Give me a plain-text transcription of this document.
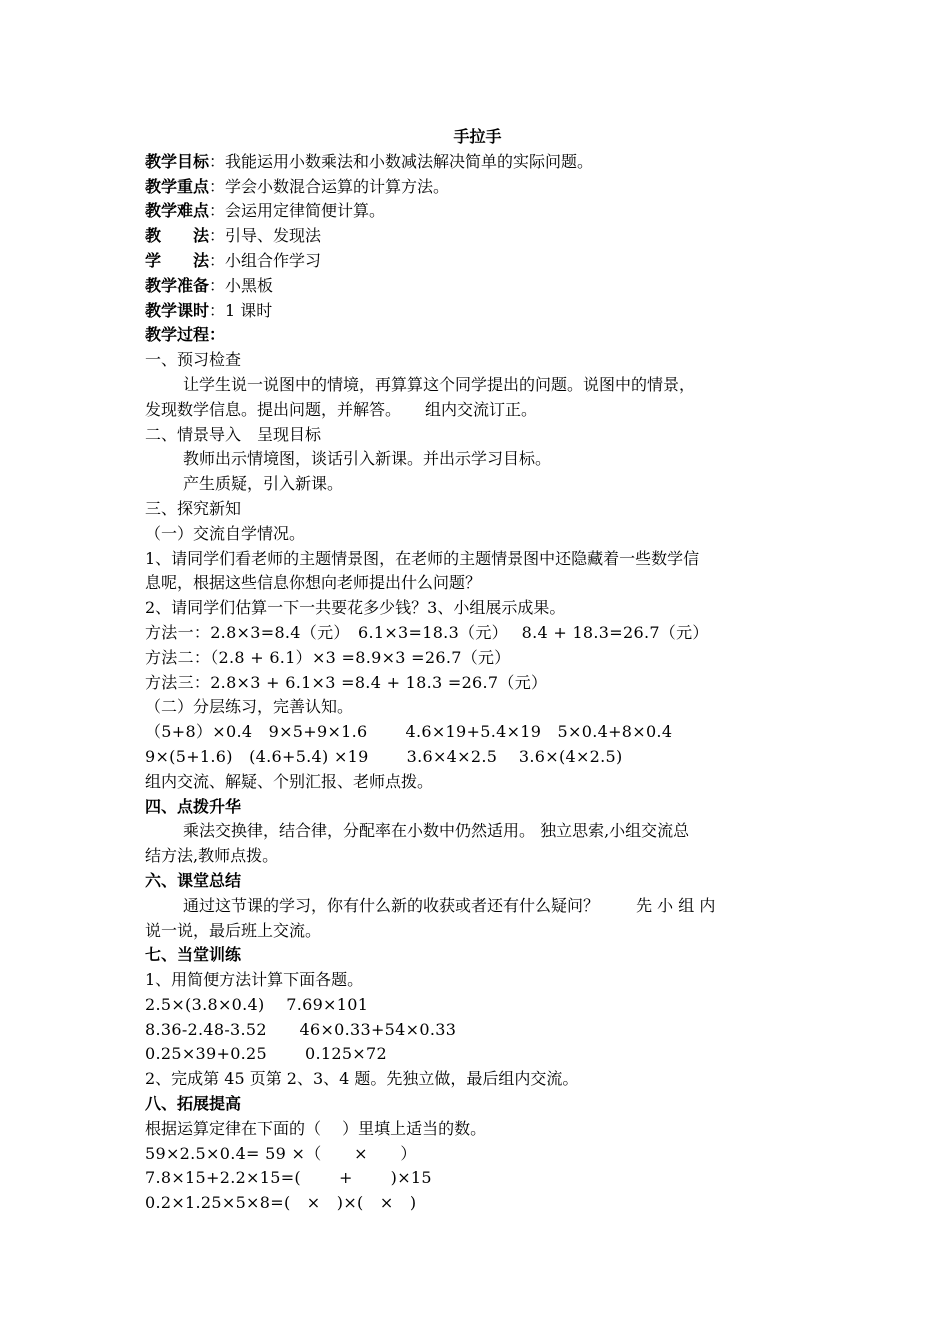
手拉手
教学目标：我能运用小数乘法和小数减法解决简单的实际问题。
教学重点：学会小数混合运算的计算方法。
教学难点：会运用定律简便计算。
教　　法：引导、发现法
学　　法：小组合作学习
教学准备：小黑板
教学课时：1 课时
教学过程：
一、预习检查
让学生说一说图中的情境，再算算这个同学提出的问题。说图中的情景，
发现数学信息。提出问题，并解答。　　组内交流订正。
二、情景导入　呈现目标
教师出示情境图，谈话引入新课。并出示学习目标。
产生质疑，引入新课。
三、探究新知
（一）交流自学情况。
1、请同学们看老师的主题情景图，在老师的主题情景图中还隐藏着一些数学信
息呢，根据这些信息你想向老师提出什么问题？
2、请同学们估算一下一共要花多少钱？3、小组展示成果。
方法一：2.8×3=8.4（元）　6.1×3=18.3（元）　 8.4 + 18.3=26.7（元）
方法二：（2.8 + 6.1）×3 =8.9×3 =26.7（元）
方法三：2.8×3 + 6.1×3 =8.4 + 18.3 =26.7（元）
（二）分层练习，完善认知。
（5+8）×0.4　9×5+9×1.6　　 4.6×19+5.4×19　5×0.4+8×0.4
9×(5+1.6)　(4.6+5.4) ×19　　 3.6×4×2.5　 3.6×(4×2.5)
组内交流、解疑、个别汇报、老师点拨。
四、点拨升华
乘法交换律，结合律，分配率在小数中仍然适用。 独立思索,小组交流总
结方法,教师点拨。
六、课堂总结
通过这节课的学习，你有什么新的收获或者还有什么疑问？　　 先 小 组 内
说一说，最后班上交流。
七、当堂训练
1、用简便方法计算下面各题。
2.5×(3.8×0.4)　 7.69×101
8.36-2.48-3.52　　46×0.33+54×0.33
0.25×39+0.25　　 0.125×72
2、完成第 45 页第 2、3、4 题。先独立做，最后组内交流。
八、拓展提高
根据运算定律在下面的（　 ）里填上适当的数。
59×2.5×0.4= 59 ×（　　×　　）
7.8×15+2.2×15=(　　 +　　 )×15
0.2×1.25×5×8=(　×　)×(　×　)
